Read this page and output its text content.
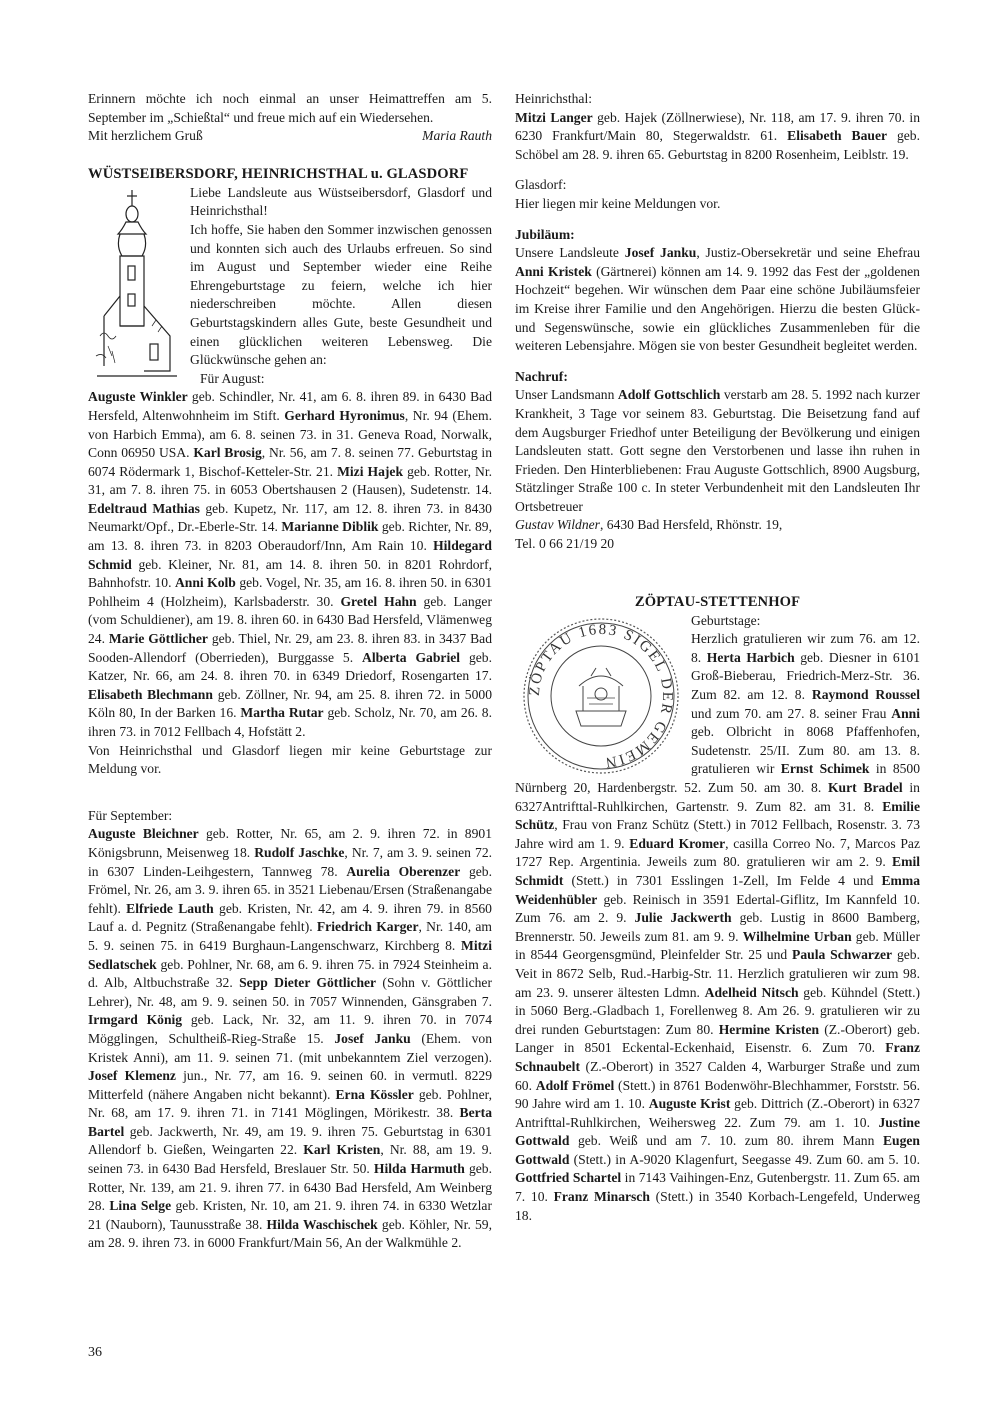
Erinnern möchte ich noch einmal an unser Heimattreffen am 5. September im „Schießtal“ und freue mich auf ein Wiedersehen.

Mit herzlichem Gruß	Maria Rauth
WÜSTSEIBERSDORF, HEINRICHSTHAL u. GLASDORF

Liebe Landsleute aus Wüstseibersdorf, Glasdorf und Heinrichsthal!

Ich hoffe, Sie haben den Sommer inzwischen genossen und konnten sich auch des Urlaubs erfreuen. So sind im August und September wieder eine Reihe Ehrengeburtstage zu feiern, welche ich hier niederschreiben möchte. Allen diesen Geburtstagskindern alles Gute, beste Gesundheit und einen glücklichen weiteren Lebensweg. Die Glückwünsche gehen an:

Für August:

Auguste Winkler geb. Schindler, Nr. 41, am 6. 8. ihren 89. in 6430 Bad Hersfeld, Altenwohnheim im Stift. Gerhard Hyronimus, Nr. 94 (Ehem. von Harbich Emma), am 6. 8. seinen 73. in 31. Geneva Road, Norwalk, Conn 06950 USA. Karl Brosig, Nr. 56, am 7. 8. seinen 77. Geburtstag in 6074 Rödermark 1, Bischof-Ketteler-Str. 21. Mizi Hajek geb. Rotter, Nr. 31, am 7. 8. ihren 75. in 6053 Obertshausen 2 (Hausen), Sudetenstr. 14. Edeltraud Mathias geb. Kupetz, Nr. 117, am 12. 8. ihren 73. in 8430 Neumarkt/Opf., Dr.-Eberle-Str. 14. Marianne Diblik geb. Richter, Nr. 89, am 13. 8. ihren 73. in 8203 Oberaudorf/Inn, Am Rain 10. Hildegard Schmid geb. Kleiner, Nr. 81, am 14. 8. ihren 50. in 8201 Rohrdorf, Bahnhofstr. 10. Anni Kolb geb. Vogel, Nr. 35, am 16. 8. ihren 50. in 6301 Pohlheim 4 (Holzheim), Karlsbaderstr. 30. Gretel Hahn geb. Langer (vom Schuldiener), am 19. 8. ihren 60. in 6430 Bad Hersfeld, Vlämenweg 24. Marie Göttlicher geb. Thiel, Nr. 29, am 23. 8. ihren 83. in 3437 Bad Sooden-Allendorf (Oberrieden), Burggasse 5. Alberta Gabriel geb. Katzer, Nr. 66, am 24. 8. ihren 70. in 6349 Driedorf, Rosengarten 17. Elisabeth Blechmann geb. Zöllner, Nr. 94, am 25. 8. ihren 72. in 5000 Köln 80, In der Barken 16. Martha Rutar geb. Scholz, Nr. 70, am 26. 8. ihren 73. in 7012 Fellbach 4, Hofstätt 2.

Von Heinrichsthal und Glasdorf liegen mir keine Geburtstage zur Meldung vor.

Für September:

Auguste Bleichner geb. Rotter, Nr. 65, am 2. 9. ihren 72. in 8901 Königsbrunn, Meisenweg 18. Rudolf Jaschke, Nr. 7, am 3. 9. seinen 72. in 6307 Linden-Leihgestern, Tannweg 78. Aurelia Oberenzer geb. Frömel, Nr. 26, am 3. 9. ihren 65. in 3521 Liebenau/Ersen (Straßenangabe fehlt). Elfriede Lauth geb. Kristen, Nr. 42, am 4. 9. ihren 79. in 8560 Lauf a. d. Pegnitz (Straßenangabe fehlt). Friedrich Karger, Nr. 140, am 5. 9. seinen 75. in 6419 Burghaun-Langenschwarz, Kirchberg 8. Mitzi Sedlatschek geb. Pohlner, Nr. 68, am 6. 9. ihren 75. in 7924 Steinheim a. d. Alb, Altbuchstraße 32. Sepp Dieter Göttlicher (Sohn v. Göttlicher Lehrer), Nr. 48, am 9. 9. seinen 50. in 7057 Winnenden, Gänsgraben 7. Irmgard König geb. Lack, Nr. 32, am 11. 9. ihren 70. in 7074 Mögglingen, Schultheiß-Rieg-Straße 15. Josef Janku (Ehem. von Kristek Anni), am 11. 9. seinen 71. (mit unbekanntem Ziel verzogen). Josef Klemenz jun., Nr. 77, am 16. 9. seinen 60. in vermutl. 8229 Mitterfeld (nähere Angaben nicht bekannt). Erna Kössler geb. Pohlner, Nr. 68, am 17. 9. ihren 71. in 7141 Möglingen, Mörikestr. 38. Berta Bartel geb. Jackwerth, Nr. 49, am 19. 9. ihren 75. Geburtstag in 6301 Allendorf b. Gießen, Weingarten 22. Karl Kristen, Nr. 88, am 19. 9. seinen 73. in 6430 Bad Hersfeld, Breslauer Str. 50. Hilda Harmuth geb. Rotter, Nr. 139, am 21. 9. ihren 77. in 6430 Bad Hersfeld, Am Weinberg 28. Lina Selge geb. Kristen, Nr. 10, am 21. 9. ihren 74. in 6330 Wetzlar 21 (Nauborn), Taunusstraße 38. Hilda Waschischek geb. Köhler, Nr. 59, am 28. 9. ihren 73. in 6000 Frankfurt/Main 56, An der Walkmühle 2.

Heinrichsthal:

Mitzi Langer geb. Hajek (Zöllnerwiese), Nr. 118, am 17. 9. ihren 70. in 6230 Frankfurt/Main 80, Stegerwaldstr. 61. Elisabeth Bauer geb. Schöbel am 28. 9. ihren 65. Geburtstag in 8200 Rosenheim, Leiblstr. 19.

Glasdorf:

Hier liegen mir keine Meldungen vor.

Jubiläum:

Unsere Landsleute Josef Janku, Justiz-Obersekretär und seine Ehefrau Anni Kristek (Gärtnerei) können am 14. 9. 1992 das Fest der „goldenen Hochzeit“ begehen. Wir wünschen dem Paar eine schöne Jubiläumsfeier im Kreise ihrer Familie und den Angehörigen. Hierzu die besten Glück- und Segenswünsche, sowie ein glückliches Zusammenleben für die weiteren Lebensjahre. Mögen sie von bester Gesundheit begleitet werden.

Nachruf:

Unser Landsmann Adolf Gottschlich verstarb am 28. 5. 1992 nach kurzer Krankheit, 3 Tage vor seinem 83. Geburtstag. Die Beisetzung fand auf dem Augsburger Friedhof unter Beteiligung der Bevölkerung und einigen Landsleuten statt. Gott segne den Verstorbenen und lasse ihn ruhen in Frieden. Den Hinterbliebenen: Frau Auguste Gottschlich, 8900 Augsburg, Stätzlinger Straße 100 c. In steter Verbundenheit mit den Landsleuten Ihr Ortsbetreuer

Gustav Wildner, 6430 Bad Hersfeld, Rhönstr. 19,

Tel. 0 66 21/19 20

ZÖPTAU-STETTENHOF
ZÖPTAU 1683 SIGEL DER GEMEIN

Geburtstage:

Herzlich gratulieren wir zum 76. am 12. 8. Herta Harbich geb. Diesner in 6101 Groß-Bieberau, Friedrich-Merz-Str. 36. Zum 82. am 12. 8. Raymond Roussel und zum 70. am 27. 8. seiner Frau Anni geb. Olbricht in 8068 Pfaffenhofen, Sudetenstr. 25/II. Zum 80. am 13. 8. gratulieren wir Ernst Schimek in 8500 Nürnberg 20, Hardenbergstr. 52. Zum 50. am 30. 8. Kurt Bradel in 6327Antrifttal-Ruhlkirchen, Gartenstr. 9. Zum 82. am 31. 8. Emilie Schütz, Frau von Franz Schütz (Stett.) in 7012 Fellbach, Rosenstr. 3. 73 Jahre wird am 1. 9. Eduard Kromer, casilla Correo No. 7, Marcos Paz 1727 Rep. Argentinia. Jeweils zum 80. gratulieren wir am 2. 9. Emil Schmidt (Stett.) in 7301 Esslingen 1-Zell, Im Felde 4 und Emma Weidenhübler geb. Reinisch in 3591 Edertal-Giflitz, Im Kannfeld 10. Zum 76. am 2. 9. Julie Jackwerth geb. Lustig in 8600 Bamberg, Brennerstr. 50. Jeweils zum 81. am 9. 9. Wilhelmine Urban geb. Müller in 8544 Georgensgmünd, Pleinfelder Str. 25 und Paula Schwarzer geb. Veit in 8672 Selb, Rud.-Harbig-Str. 11. Herzlich gratulieren wir zum 98. am 23. 9. unserer ältesten Ldmn. Adelheid Nitsch geb. Kühndel (Stett.) in 5060 Berg.-Gladbach 1, Forellenweg 8. Am 26. 9. gratulieren wir zu drei runden Geburtstagen: Zum 80. Hermine Kristen (Z.-Oberort) geb. Langer in 8501 Eckental-Eckenhaid, Eisenstr. 6. Zum 70. Franz Schnaubelt (Z.-Oberort) in 3527 Calden 4, Warburger Straße und zum 60. Adolf Frömel (Stett.) in 8761 Bodenwöhr-Blechhammer, Forststr. 56. 90 Jahre wird am 1. 10. Auguste Krist geb. Dittrich (Z.-Oberort) in 6327 Antrifttal-Ruhlkirchen, Weihersweg 22. Zum 79. am 1. 10. Justine Gottwald geb. Weiß und am 7. 10. zum 80. ihrem Mann Eugen Gottwald (Stett.) in A-9020 Klagenfurt, Seegasse 49. Zum 60. am 5. 10. Gottfried Schartel in 7143 Vaihingen-Enz, Gutenbergstr. 11. Zum 65. am 7. 10. Franz Minarsch (Stett.) in 3540 Korbach-Lengefeld, Underweg 18.

36
